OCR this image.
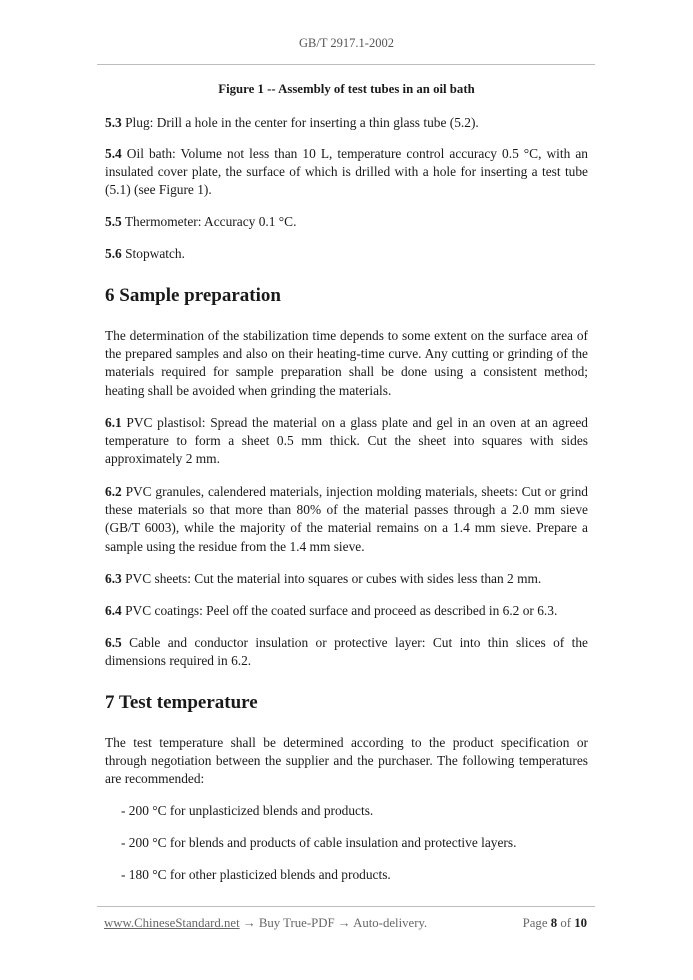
GB/T 2917.1-2002
Figure 1 -- Assembly of test tubes in an oil bath

5.3 Plug: Drill a hole in the center for inserting a thin glass tube (5.2).

5.4 Oil bath: Volume not less than 10 L, temperature control accuracy 0.5 °C, with an insulated cover plate, the surface of which is drilled with a hole for inserting a test tube (5.1) (see Figure 1).

5.5 Thermometer: Accuracy 0.1 °C.

5.6 Stopwatch.

6 Sample preparation

The determination of the stabilization time depends to some extent on the surface area of the prepared samples and also on their heating-time curve. Any cutting or grinding of the materials required for sample preparation shall be done using a consistent method; heating shall be avoided when grinding the materials.

6.1 PVC plastisol: Spread the material on a glass plate and gel in an oven at an agreed temperature to form a sheet 0.5 mm thick. Cut the sheet into squares with sides approximately 2 mm.

6.2 PVC granules, calendered materials, injection molding materials, sheets: Cut or grind these materials so that more than 80% of the material passes through a 2.0 mm sieve (GB/T 6003), while the majority of the material remains on a 1.4 mm sieve. Prepare a sample using the residue from the 1.4 mm sieve.

6.3 PVC sheets: Cut the material into squares or cubes with sides less than 2 mm.

6.4 PVC coatings: Peel off the coated surface and proceed as described in 6.2 or 6.3.

6.5 Cable and conductor insulation or protective layer: Cut into thin slices of the dimensions required in 6.2.

7 Test temperature

The test temperature shall be determined according to the product specification or through negotiation between the supplier and the purchaser. The following temperatures are recommended:

- 200 °C for unplasticized blends and products.
- 200 °C for blends and products of cable insulation and protective layers.
- 180 °C for other plasticized blends and products.
www.ChineseStandard.net → Buy True-PDF → Auto-delivery.	Page 8 of 10
